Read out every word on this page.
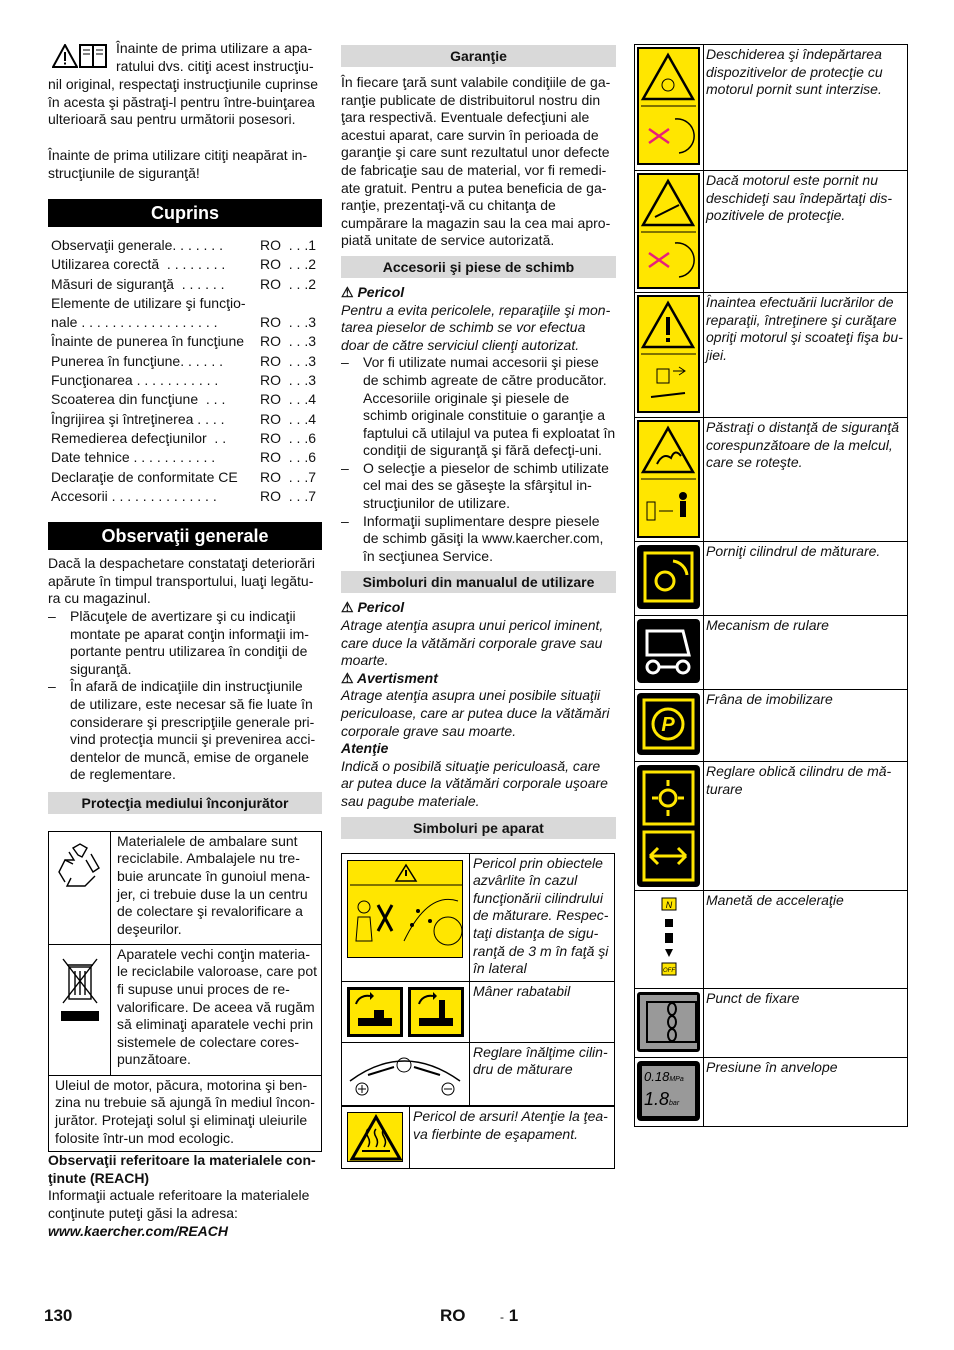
Înainte de prima utilizare a apa-

ratului dvs. citiţi acest instrucţiu-

nil original, respectaţi instrucţiunile cuprinse în acesta şi păstraţi-l pentru între-buinţarea ulterioară sau pentru următorii posesori.

Înainte de prima utilizare citiţi neapărat in-strucţiunile de siguranţă!

Cuprins
Observaţii generale. . . . . . .	RO  . . .1
Utilizarea corectă  . . . . . . . .	RO  . . .2
Măsuri de siguranţă  . . . . . .	RO  . . .2
Elemente de utilizare şi funcţio-
nale . . . . . . . . . . . . . . . . . .	RO  . . .3
Înainte de punerea în funcţiune	RO  . . .3
Punerea în funcţiune. . . . . .	RO  . . .3
Funcţionarea . . . . . . . . . . .	RO  . . .3
Scoaterea din funcţiune  . . .	RO  . . .4
Îngrijirea şi întreţinerea . . . .	RO  . . .4
Remedierea defecţiunilor  . .	RO  . . .6
Date tehnice . . . . . . . . . . .	RO  . . .6
Declaraţie de conformitate CE	RO  . . .7
Accesorii . . . . . . . . . . . . . .	RO  . . .7
Observaţii generale

Dacă la despachetare constataţi deteriorări apărute în timpul transportului, luaţi legătu-ra cu magazinul.

–	Plăcuţele de avertizare şi cu indicaţii montate pe aparat conţin informaţii im-portante pentru utilizarea în condiţii de siguranţă.
–	În afară de indicaţiile din instrucţiunile de utilizare, este necesar să fie luate în considerare şi prescripţiile generale pri-vind protecţia muncii şi prevenirea acci-dentelor de muncă, emise de organele de reglementare.
Protecţia mediului înconjurător
	Materialele de ambalare sunt reciclabile. Ambalajele nu tre-buie aruncate în gunoiul mena-jer, ci trebuie duse la un centru de colectare şi revalorificare a deşeurilor.
	Aparatele vechi conţin materia-le reciclabile valoroase, care pot fi supuse unui proces de re-valorificare. De aceea vă rugăm să eliminaţi aparatele vechi prin sistemele de colectare cores-punzătoare.
Uleiul de motor, păcura, motorina şi ben-zina nu trebuie să ajungă în mediul încon-jurător. Protejaţi solul şi eliminaţi uleiurile folosite într-un mod ecologic.	

Observaţii referitoare la materialele con-ţinute (REACH)

Informaţii actuale referitoare la materialele conţinute puteţi găsi la adresa:

www.kaercher.com/REACH

Garanţie

În fiecare ţară sunt valabile condiţiile de ga-ranţie publicate de distribuitorul nostru din ţara respectivă. Eventuale defecţiuni ale acestui aparat, care survin în perioada de garanţie şi care sunt rezultatul unor defecte de fabricaţie sau de material, vor fi remedi-ate gratuit. Pentru a putea beneficia de ga-ranţie, prezentaţi-vă cu chitanţa de cumpărare la magazin sau la cea mai apro-piată unitate de service autorizată.

Accesorii şi piese de schimb

⚠ Pericol

Pentru a evita pericolele, reparaţiile şi mon-tarea pieselor de schimb se vor efectua doar de către serviciul clienţi autorizat.

–	Vor fi utilizate numai accesorii şi piese de schimb agreate de către producător. Accesoriile originale şi piesele de schimb originale constituie o garanţie a faptului că utilajul va putea fi exploatat în condiţii de siguranţă şi fără defecţi-uni.
–	O selecţie a pieselor de schimb utilizate cel mai des se găseşte la sfârşitul in-strucţiunilor de utilizare.
–	Informaţii suplimentare despre piesele de schimb găsiţi la www.kaercher.com, în secţiunea Service.
Simboluri din manualul de utilizare

⚠ Pericol

Atrage atenţia asupra unui pericol iminent, care duce la vătămări corporale grave sau moarte.

⚠ Avertisment

Atrage atenţia asupra unei posibile situaţii periculoase, care ar putea duce la vătămări corporale grave sau moarte.

Atenţie

Indică o posibilă situaţie periculoasă, care ar putea duce la vătămări corporale uşoare sau pagube materiale.

Simboluri pe aparat
	Pericol prin obiectele azvârlite în cazul funcţionării cilindrului de măturare. Respec-taţi distanţa de sigu-ranţă de 3 m în faţă şi în lateral

	Mâner rabatabil
	Reglare înălţime cilin-dru de măturare
	Pericol de arsuri! Atenţie la ţea-va fierbinte de eşapament.
	Deschiderea şi îndepărtarea dispozitivelor de protecţie cu motorul pornit sunt interzise.

	Dacă motorul este pornit nu deschideţi sau îndepărtaţi dis-pozitivele de protecţie.

	Înaintea efectuării lucrărilor de reparaţii, întreţinere şi curăţare opriţi motorul şi scoateţi fişa bu-jiei.

	Păstraţi o distanţă de siguranţă corespunzătoare de la melcul, care se roteşte.

	Porniţi cilindrul de măturare.

	Mecanism de rulare

P	Frâna de imobilizare

	Reglare oblică cilindru de mă-turare

N
OFF	Manetă de acceleraţie

	Punct de fixare

0.18MPa
1.8bar	Presiune în anvelope
130	RO	- 1
